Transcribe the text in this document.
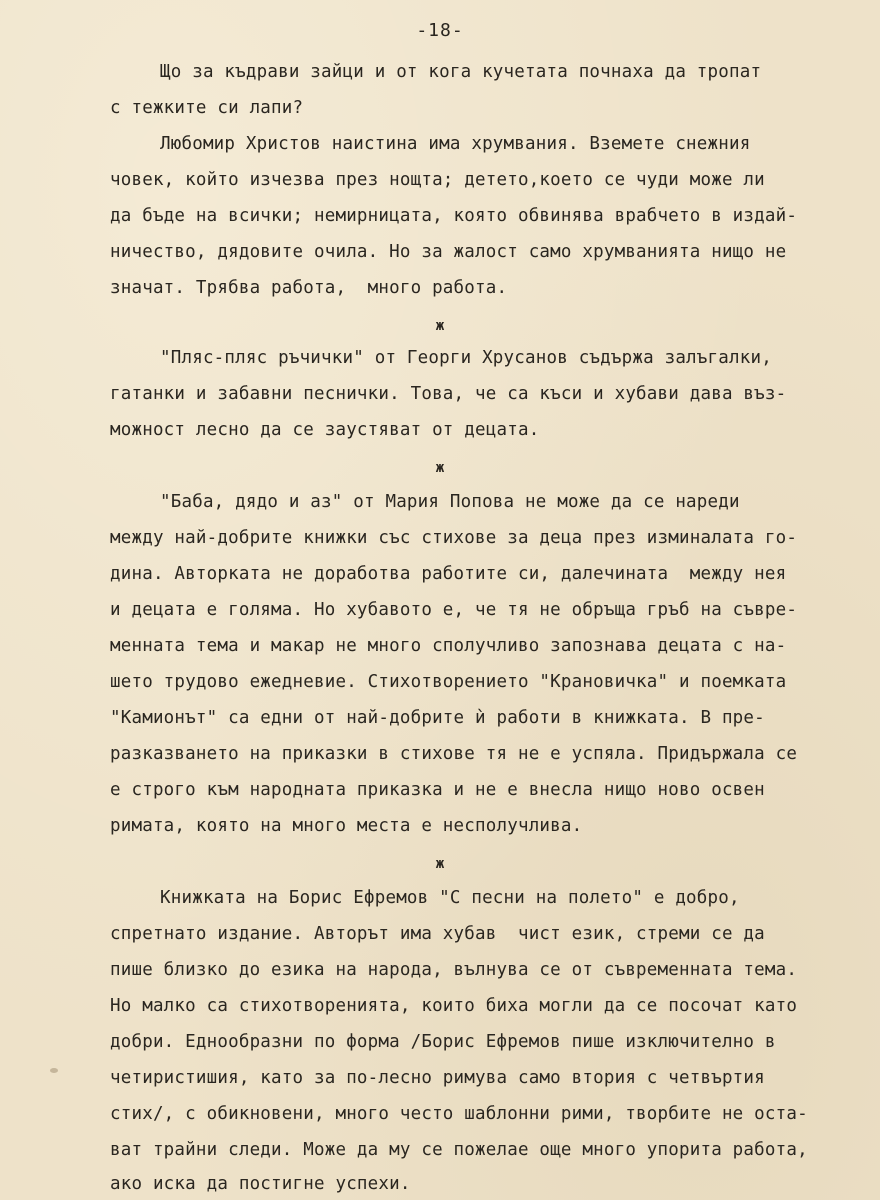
-18-
Що за къдрави зайци и от кога кучетата почнаха да тропат
с тежките си лапи?
Любомир Христов наистина има хрумвания. Вземете снежния
човек, който изчезва през нощта; детето,което се чуди може ли
да бъде на всички; немирницата, която обвинява врабчето в издай-
ничество, дядовите очила. Но за жалост само хрумванията нищо не
значат. Трябва работа,  много работа.
ж
"Пляс-пляс ръчички" от Георги Хрусанов съдържа залъгалки,
гатанки и забавни песнички. Това, че са къси и хубави дава въз-
можност лесно да се заустяват от децата.
ж
"Баба, дядо и аз" от Мария Попова не може да се нареди
между най-добрите книжки със стихове за деца през изминалата го-
дина. Авторката не доработва работите си, далечината  между нея
и децата е голяма. Но хубавото е, че тя не обръща гръб на съвре-
менната тема и макар не много сполучливо запознава децата с на-
шето трудово ежедневие. Стихотворението "Крановичка" и поемката
"Камионът" са едни от най-добрите ѝ работи в книжката. В пре-
разказването на приказки в стихове тя не е успяла. Придържала се
е строго към народната приказка и не е внесла нищо ново освен
римата, която на много места е несполучлива.
ж
Книжката на Борис Ефремов "С песни на полето" е добро,
спретнато издание. Авторът има хубав  чист език, стреми се да
пише близко до езика на народа, вълнува се от съвременната тема.
Но малко са стихотворенията, които биха могли да се посочат като
добри. Еднообразни по форма /Борис Ефремов пише изключително в
четиристишия, като за по-лесно римува само втория с четвъртия
стих/, с обикновени, много често шаблонни рими, творбите не оста-
ват трайни следи. Може да му се пожелае още много упорита работа,
ако иска да постигне успехи.
